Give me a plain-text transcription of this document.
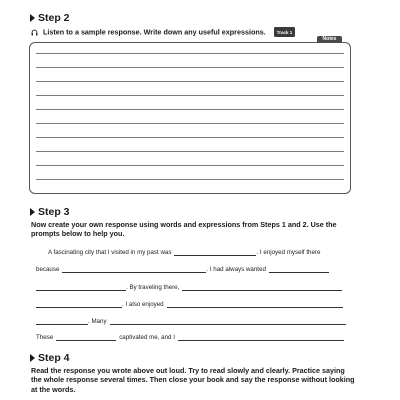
Step 2
Listen to a sample response. Write down any useful expressions. Track 1
Notes
Step 3
Now create your own response using words and expressions from Steps 1 and 2. Use the
prompts below to help you.
A fascinating city that I visited in my past was	. I enjoyed myself there
because	. I had always wanted
. By traveling there,
. I also enjoyed
. Many
These	captivated me, and I
Step 4
Read the response you wrote above out loud. Try to read slowly and clearly. Practice saying
the whole response several times. Then close your book and say the response without looking
at the words.
